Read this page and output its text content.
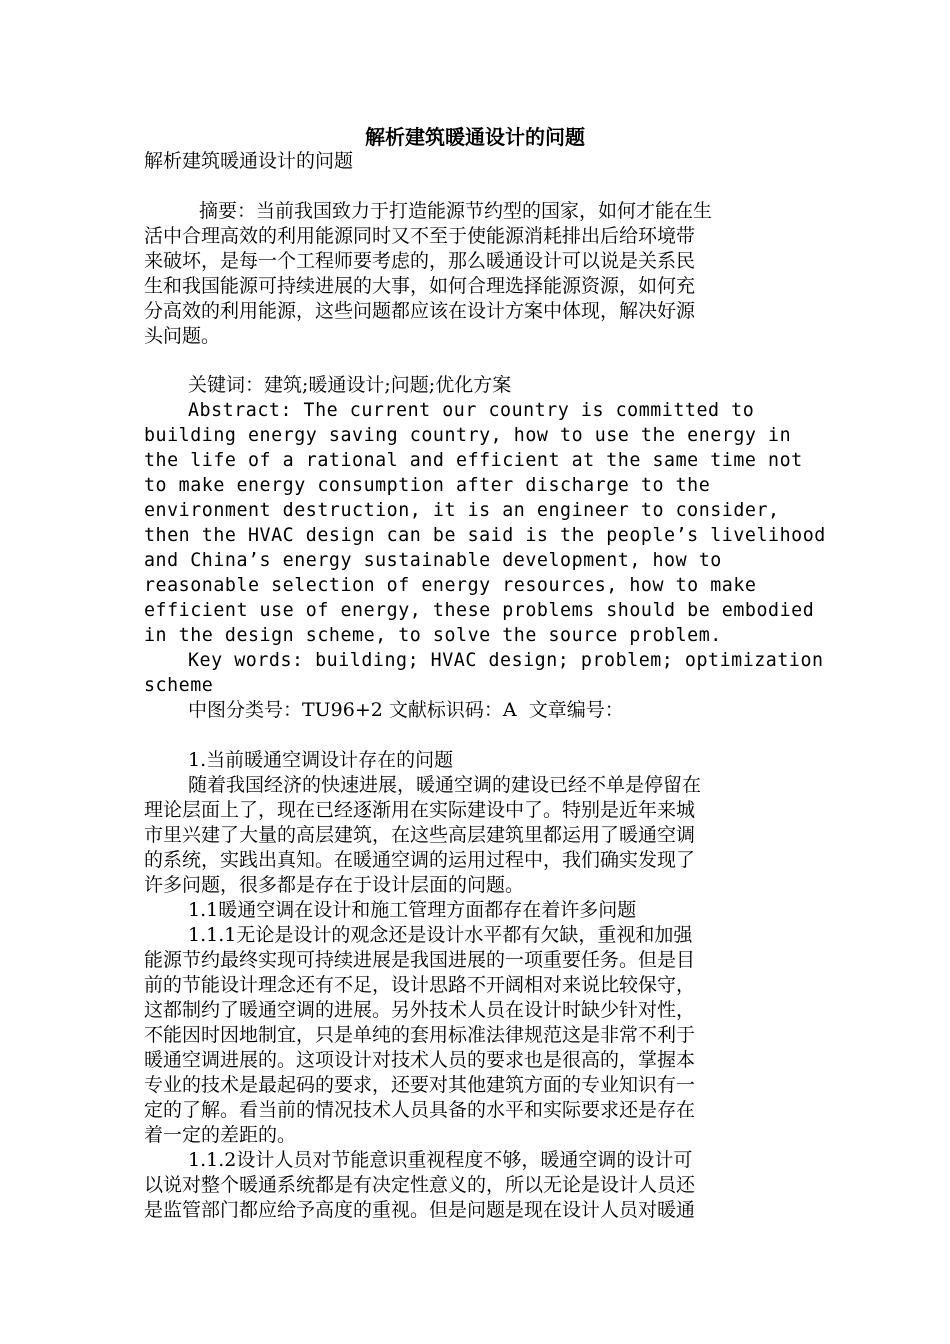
解析建筑暖通设计的问题

解析建筑暖通设计的问题

摘要：当前我国致力于打造能源节约型的国家，如何才能在生

活中合理高效的利用能源同时又不至于使能源消耗排出后给环境带

来破坏，是每一个工程师要考虑的，那么暖通设计可以说是关系民

生和我国能源可持续进展的大事，如何合理选择能源资源，如何充

分高效的利用能源，这些问题都应该在设计方案中体现，解决好源

头问题。

关键词：建筑;暖通设计;问题;优化方案

Abstract: The current our country is committed to

building energy saving country, how to use the energy in

the life of a rational and efficient at the same time not

to make energy consumption after discharge to the

environment destruction, it is an engineer to consider,

then the HVAC design can be said is the people’s livelihood

and China’s energy sustainable development, how to

reasonable selection of energy resources, how to make

efficient use of energy, these problems should be embodied

in the design scheme, to solve the source problem.

Key words: building; HVAC design; problem; optimization

scheme

中图分类号：TU96+2 文献标识码：A  文章编号：

1.当前暖通空调设计存在的问题

随着我国经济的快速进展，暖通空调的建设已经不单是停留在

理论层面上了，现在已经逐渐用在实际建设中了。特别是近年来城

市里兴建了大量的高层建筑，在这些高层建筑里都运用了暖通空调

的系统，实践出真知。在暖通空调的运用过程中，我们确实发现了

许多问题，很多都是存在于设计层面的问题。

1.1暖通空调在设计和施工管理方面都存在着许多问题

1.1.1无论是设计的观念还是设计水平都有欠缺，重视和加强

能源节约最终实现可持续进展是我国进展的一项重要任务。但是目

前的节能设计理念还有不足，设计思路不开阔相对来说比较保守，

这都制约了暖通空调的进展。另外技术人员在设计时缺少针对性，

不能因时因地制宜，只是单纯的套用标准法律规范这是非常不利于

暖通空调进展的。这项设计对技术人员的要求也是很高的，掌握本

专业的技术是最起码的要求，还要对其他建筑方面的专业知识有一

定的了解。看当前的情况技术人员具备的水平和实际要求还是存在

着一定的差距的。

1.1.2设计人员对节能意识重视程度不够，暖通空调的设计可

以说对整个暖通系统都是有决定性意义的，所以无论是设计人员还

是监管部门都应给予高度的重视。但是问题是现在设计人员对暖通
